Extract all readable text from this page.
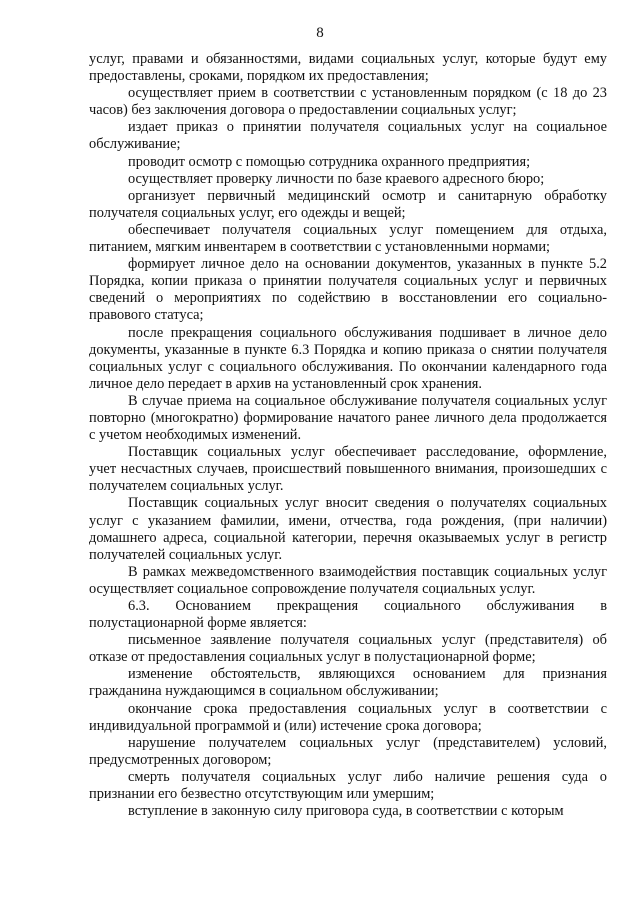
8

услуг, правами и обязанностями, видами социальных услуг, которые будут ему предоставлены, сроками, порядком их предоставления;

осуществляет прием в соответствии с установленным порядком (с 18 до 23 часов) без заключения договора о предоставлении социальных услуг;

издает приказ о принятии получателя социальных услуг на социальное обслуживание;

проводит осмотр с помощью сотрудника охранного предприятия;

осуществляет проверку личности по базе краевого адресного бюро;

организует первичный медицинский осмотр и санитарную обработку получателя социальных услуг, его одежды и вещей;

обеспечивает получателя социальных услуг помещением для отдыха, питанием, мягким инвентарем в соответствии с установленными нормами;

формирует личное дело на основании документов, указанных в пункте 5.2 Порядка, копии приказа о принятии получателя социальных услуг и первичных сведений о мероприятиях по содействию в восстановлении его социально-правового статуса;

после прекращения социального обслуживания подшивает в личное дело документы, указанные в пункте 6.3 Порядка и копию приказа о снятии получателя социальных услуг с социального обслуживания. По окончании календарного года личное дело передает в архив на установленный срок хранения.

В случае приема на социальное обслуживание получателя социальных услуг повторно (многократно) формирование начатого ранее личного дела продолжается с учетом необходимых изменений.

Поставщик социальных услуг обеспечивает расследование, оформление, учет несчастных случаев, происшествий повышенного внимания, произошедших с получателем социальных услуг.

Поставщик социальных услуг вносит сведения о получателях социальных услуг с указанием фамилии, имени, отчества, года рождения, (при наличии) домашнего адреса, социальной категории, перечня оказываемых услуг в регистр получателей социальных услуг.

В рамках межведомственного взаимодействия поставщик социальных услуг осуществляет социальное сопровождение получателя социальных услуг.

6.3. Основанием прекращения социального обслуживания в полустационарной форме является:

письменное заявление получателя социальных услуг (представителя) об отказе от предоставления социальных услуг в полустационарной форме;

изменение обстоятельств, являющихся основанием для признания гражданина нуждающимся в социальном обслуживании;

окончание срока предоставления социальных услуг в соответствии с индивидуальной программой и (или) истечение срока договора;

нарушение получателем социальных услуг (представителем) условий, предусмотренных договором;

смерть получателя социальных услуг либо наличие решения суда о признании его безвестно отсутствующим или умершим;

вступление в законную силу приговора суда, в соответствии с которым
